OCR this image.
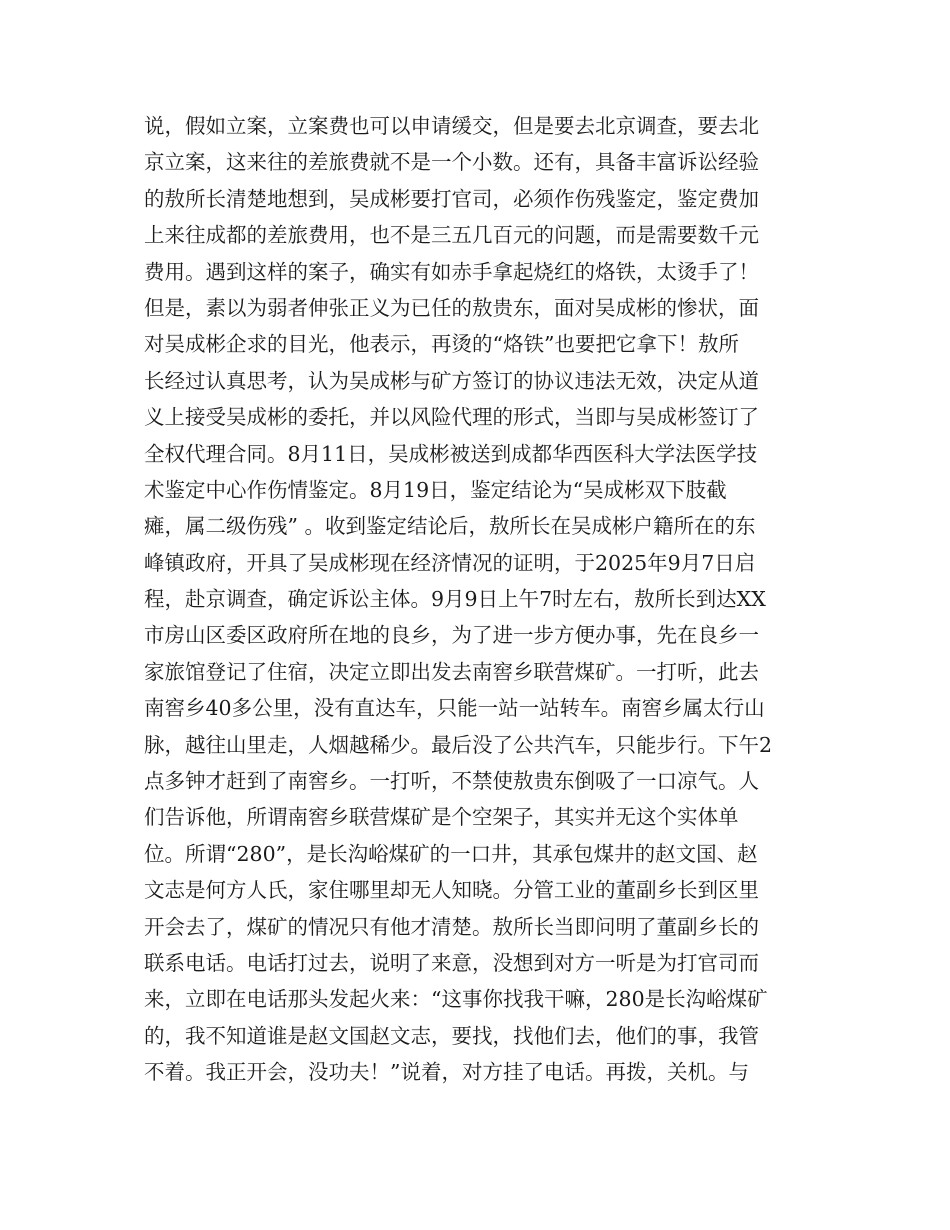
说，假如立案，立案费也可以申请缓交，但是要去北京调查，要去北
京立案，这来往的差旅费就不是一个小数。还有，具备丰富诉讼经验
的敖所长清楚地想到，吴成彬要打官司，必须作伤残鉴定，鉴定费加
上来往成都的差旅费用，也不是三五几百元的问题，而是需要数千元
费用。遇到这样的案子，确实有如赤手拿起烧红的烙铁，太烫手了！
但是，素以为弱者伸张正义为已任的敖贵东，面对吴成彬的惨状，面
对吴成彬企求的目光，他表示，再烫的“烙铁”也要把它拿下！敖所
长经过认真思考，认为吴成彬与矿方签订的协议违法无效，决定从道
义上接受吴成彬的委托，并以风险代理的形式，当即与吴成彬签订了
全权代理合同。8月11日，吴成彬被送到成都华西医科大学法医学技
术鉴定中心作伤情鉴定。8月19日，鉴定结论为“吴成彬双下肢截
瘫，属二级伤残” 。收到鉴定结论后，敖所长在吴成彬户籍所在的东
峰镇政府，开具了吴成彬现在经济情况的证明，于2025年9月7日启
程，赴京调查，确定诉讼主体。9月9日上午7时左右，敖所长到达XX
市房山区委区政府所在地的良乡，为了进一步方便办事，先在良乡一
家旅馆登记了住宿，决定立即出发去南窖乡联营煤矿。一打听，此去
南窖乡40多公里，没有直达车，只能一站一站转车。南窖乡属太行山
脉，越往山里走，人烟越稀少。最后没了公共汽车，只能步行。下午2
点多钟才赶到了南窖乡。一打听，不禁使敖贵东倒吸了一口凉气。人
们告诉他，所谓南窖乡联营煤矿是个空架子，其实并无这个实体单
位。所谓“280”，是长沟峪煤矿的一口井，其承包煤井的赵文国、赵
文志是何方人氏，家住哪里却无人知晓。分管工业的董副乡长到区里
开会去了，煤矿的情况只有他才清楚。敖所长当即问明了董副乡长的
联系电话。电话打过去，说明了来意，没想到对方一听是为打官司而
来，立即在电话那头发起火来：“这事你找我干嘛，280是长沟峪煤矿
的，我不知道谁是赵文国赵文志，要找，找他们去，他们的事，我管
不着。我正开会，没功夫！”说着，对方挂了电话。再拨，关机。与
